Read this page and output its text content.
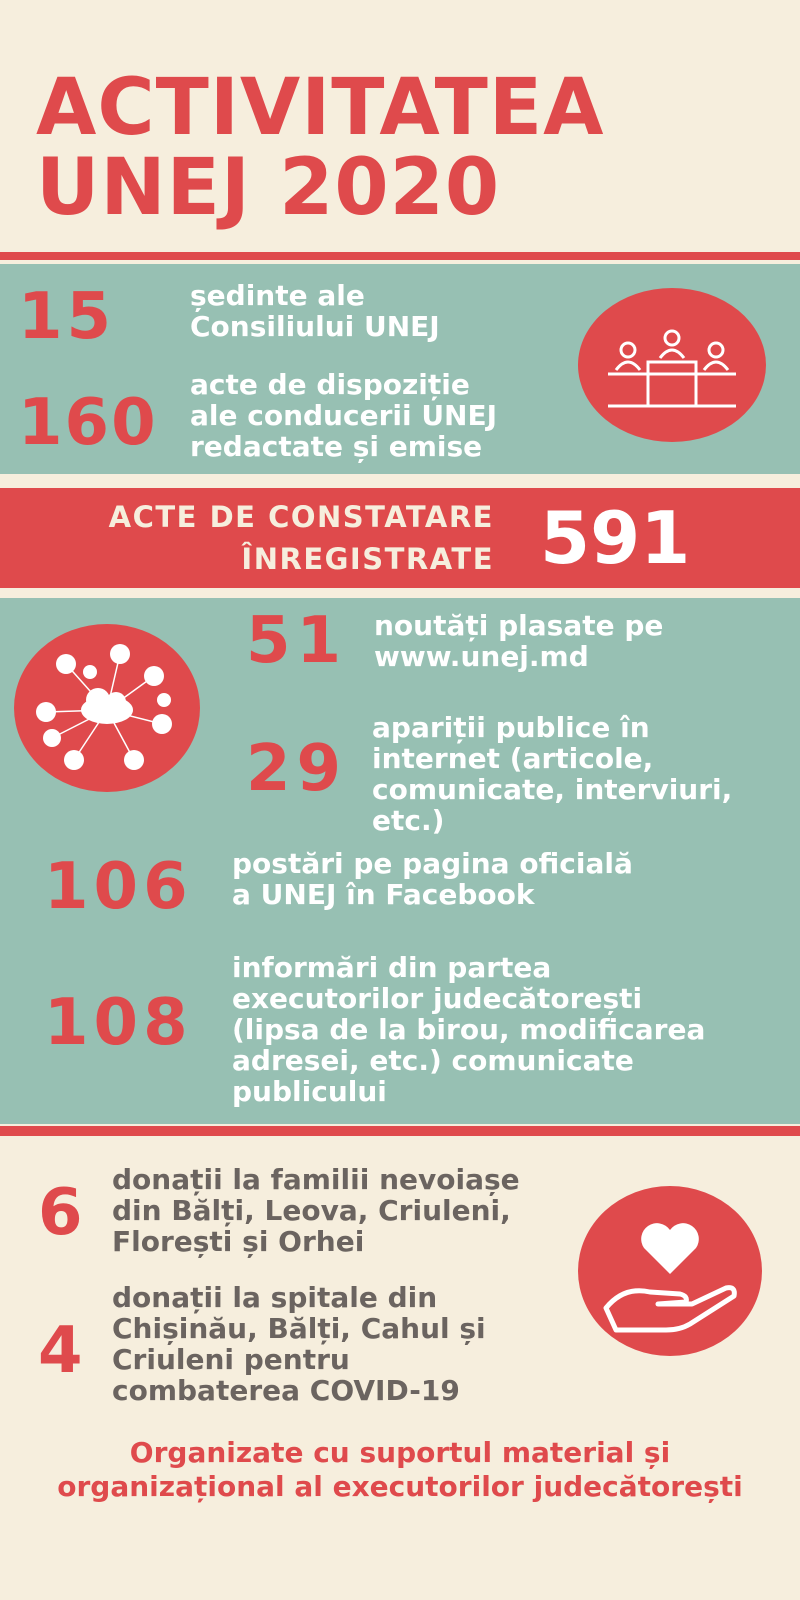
ACTIVITATEA
UNEJ 2020
15	ședinte ale
Consiliului UNEJ
160
acte de dispoziție
ale conducerii UNEJ
redactate și emise
ACTE DE CONSTATARE
ÎNREGISTRATE 591
51 noutăți plasate pe
www.unej.md
29
apariții publice în
internet (articole,
comunicate, interviuri,
etc.)
106 postări pe pagina oficială
a UNEJ în Facebook
108
informări din partea
executorilor judecătorești
(lipsa de la birou, modificarea
adresei, etc.) comunicate
publicului
6 donații la familii nevoiașe
din Bălți, Leova, Criuleni,
Florești și Orhei
4
donații la spitale din
Chișinău, Bălți, Cahul și
Criuleni pentru
combaterea COVID-19
Organizate cu suportul material și
organizațional al executorilor judecătorești
